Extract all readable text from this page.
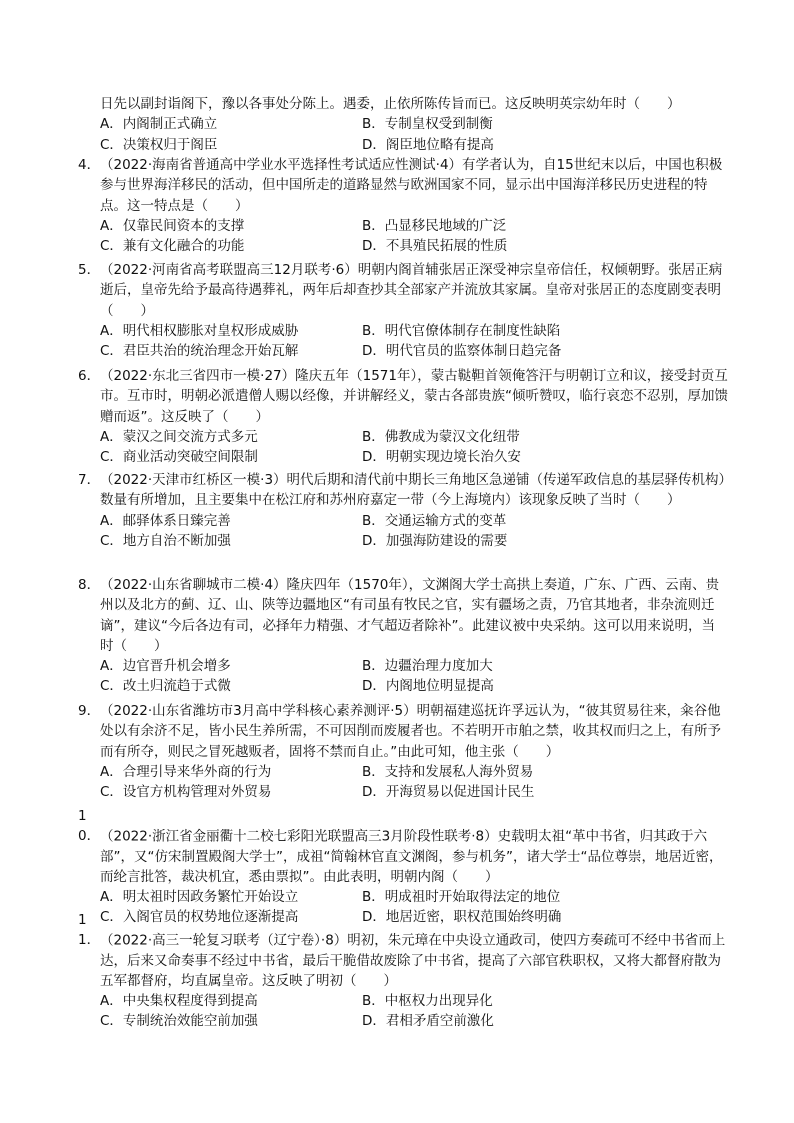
日先以副封诣阁下，豫以各事处分陈上。遇委，止依所陈传旨而已。这反映明英宗幼年时（　　）
A．内阁制正式确立	B．专制皇权受到制衡
C．决策权归于阁臣	D．阁臣地位略有提高
4．（2022·海南省普通高中学业水平选择性考试适应性测试·4）有学者认为，自15世纪末以后，中国也积极参与世界海洋移民的活动，但中国所走的道路显然与欧洲国家不同，显示出中国海洋移民历史进程的特点。这一特点是（　　）
A．仅靠民间资本的支撑	B．凸显移民地域的广泛
C．兼有文化融合的功能	D．不具殖民拓展的性质
5．（2022·河南省高考联盟高三12月联考·6）明朝内阁首辅张居正深受神宗皇帝信任，权倾朝野。张居正病逝后，皇帝先给予最高待遇葬礼，两年后却查抄其全部家产并流放其家属。皇帝对张居正的态度剧变表明（　　）
A．明代相权膨胀对皇权形成威胁	B．明代官僚体制存在制度性缺陷
C．君臣共治的统治理念开始瓦解	D．明代官员的监察体制日趋完备
6．（2022·东北三省四市一模·27）隆庆五年（1571年），蒙古鞑靼首领俺答汗与明朝订立和议，接受封贡互市。互市时，明朝必派遣僧人赐以经像，并讲解经义，蒙古各部贵族“倾听赞叹，临行哀恋不忍别，厚加馈赠而返”。这反映了（　　）
A．蒙汉之间交流方式多元	B．佛教成为蒙汉文化纽带
C．商业活动突破空间限制	D．明朝实现边境长治久安
7．（2022·天津市红桥区一模·3）明代后期和清代前中期长三角地区急递铺（传递军政信息的基层驿传机构）数量有所增加，且主要集中在松江府和苏州府嘉定一带（今上海境内）该现象反映了当时（　　）
A．邮驿体系日臻完善	B．交通运输方式的变革
C．地方自治不断加强	D．加强海防建设的需要
8．（2022·山东省聊城市二模·4）隆庆四年（1570年），文渊阁大学士高拱上奏道，广东、广西、云南、贵州以及北方的蓟、辽、山、陕等边疆地区“有司虽有牧民之官，实有疆场之责，乃官其地者，非杂流则迁谪”，建议“今后各边有司，必择年力精强、才气超迈者除补”。此建议被中央采纳。这可以用来说明，当时（　　）
A．边官晋升机会增多	B．边疆治理力度加大
C．改土归流趋于式微	D．内阁地位明显提高
9．（2022·山东省潍坊市3月高中学科核心素养测评·5）明朝福建巡抚许孚远认为，“彼其贸易往来，籴谷他处以有余济不足，皆小民生养所需，不可因削而废履者也。不若明开市舶之禁，收其权而归之上，有所予而有所夺，则民之冒死越贩者，固将不禁而自止。”由此可知，他主张（　　）
A．合理引导来华外商的行为	B．支持和发展私人海外贸易
C．设官方机构管理对外贸易	D．开海贸易以促进国计民生
10．（2022·浙江省金丽衢十二校七彩阳光联盟高三3月阶段性联考·8）史载明太祖“革中书省，归其政于六部”，又“仿宋制置殿阁大学士”，成祖“简翰林官直文渊阁，参与机务”，诸大学士“品位尊崇，地居近密，而纶言批答，裁决机宜，悉由票拟”。由此表明，明朝内阁（　　）
A．明太祖时因政务繁忙开始设立	B．明成祖时开始取得法定的地位
C．入阁官员的权势地位逐渐提高	D．地居近密，职权范围始终明确
11．（2022·高三一轮复习联考（辽宁卷）·8）明初，朱元璋在中央设立通政司，使四方奏疏可不经中书省而上达，后来又命奏事不经过中书省，最后干脆借故废除了中书省，提高了六部官秩职权，又将大都督府散为五军都督府，均直属皇帝。这反映了明初（　　）
A．中央集权程度得到提高	B．中枢权力出现异化
C．专制统治效能空前加强	D．君相矛盾空前激化
